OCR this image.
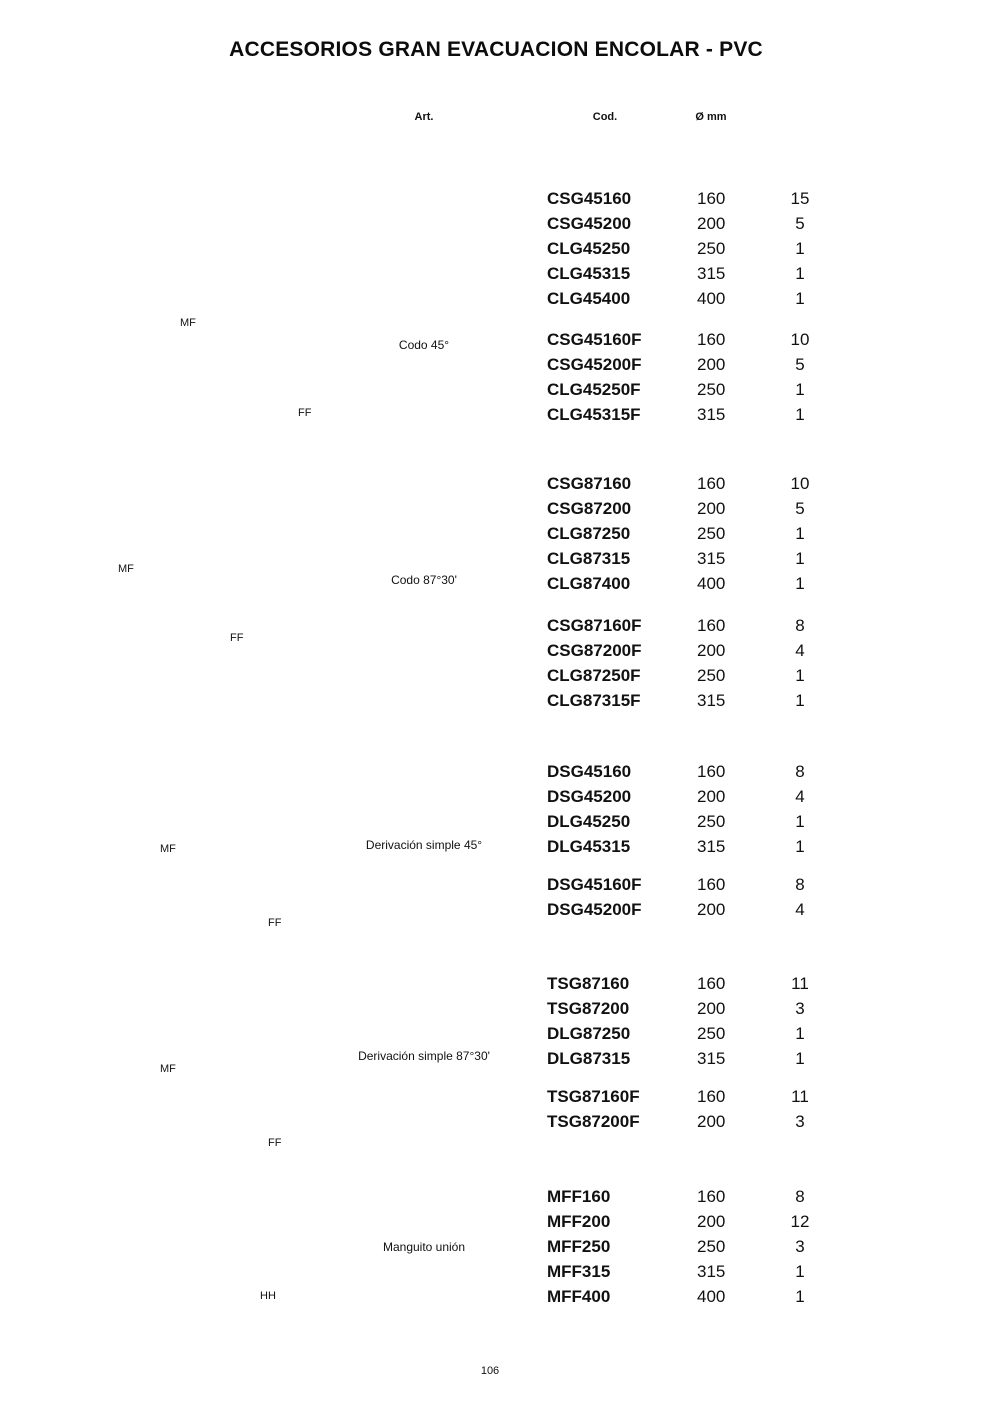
ACCESORIOS GRAN EVACUACION ENCOLAR - PVC
Art.	Cod.	Ø mm
Codo 45°
MF
FF
CSG45160	160	15
CSG45200	200	5
CLG45250	250	1
CLG45315	315	1
CLG45400	400	1
CSG45160F	160	10
CSG45200F	200	5
CLG45250F	250	1
CLG45315F	315	1
Codo 87°30'
MF
FF
CSG87160	160	10
CSG87200	200	5
CLG87250	250	1
CLG87315	315	1
CLG87400	400	1
CSG87160F	160	8
CSG87200F	200	4
CLG87250F	250	1
CLG87315F	315	1
Derivación simple 45°
MF
FF
DSG45160	160	8
DSG45200	200	4
DLG45250	250	1
DLG45315	315	1
DSG45160F	160	8
DSG45200F	200	4
Derivación simple 87°30'
MF
FF
TSG87160	160	11
TSG87200	200	3
DLG87250	250	1
DLG87315	315	1
TSG87160F	160	11
TSG87200F	200	3
Manguito unión
HH
MFF160	160	8
MFF200	200	12
MFF250	250	3
MFF315	315	1
MFF400	400	1
106
